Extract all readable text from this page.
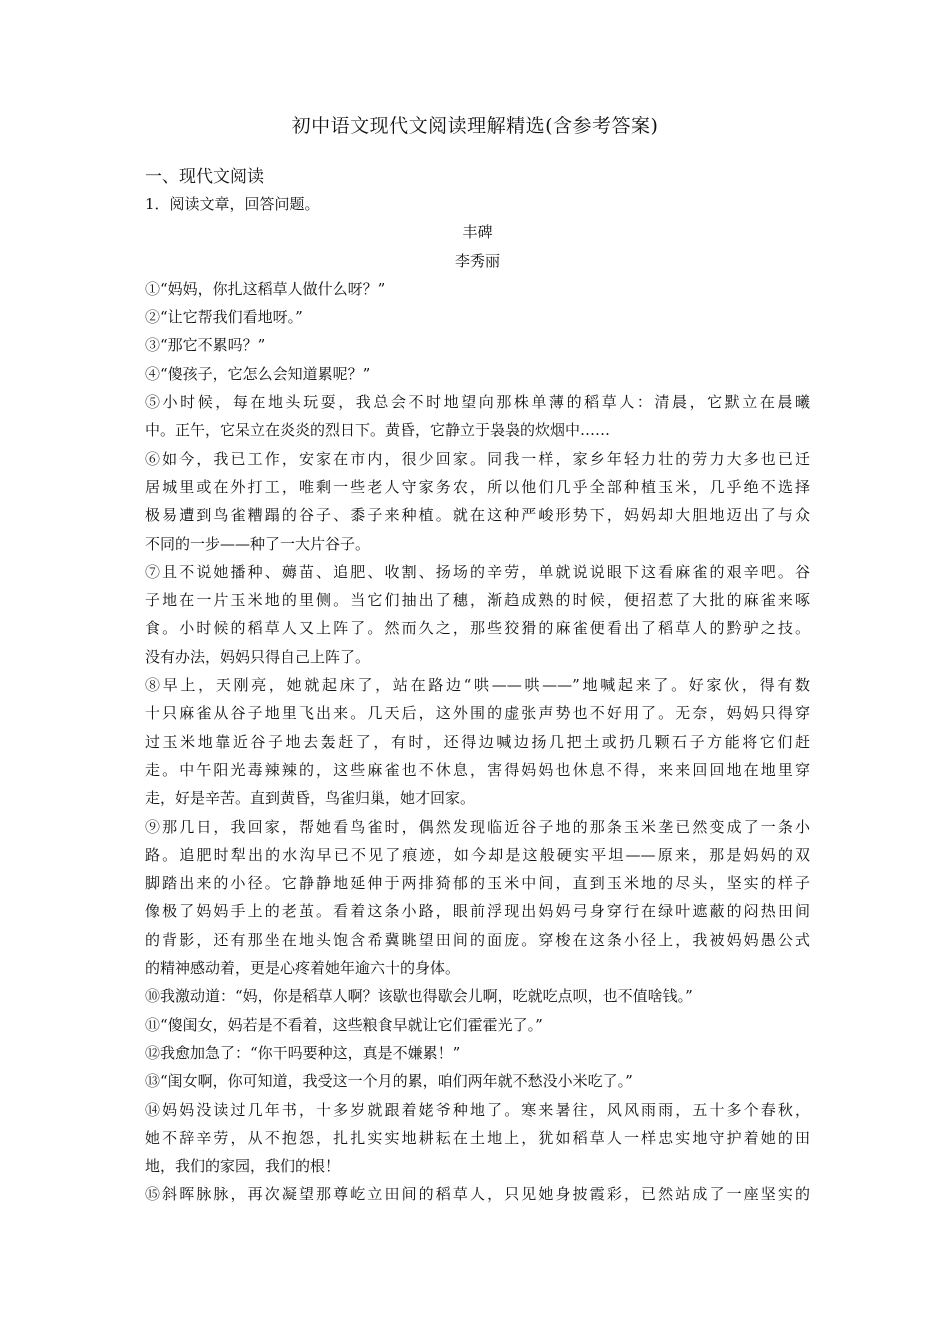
初中语文现代文阅读理解精选(含参考答案)
一、现代文阅读
1．阅读文章，回答问题。
丰碑
李秀丽
①“妈妈，你扎这稻草人做什么呀？”
②“让它帮我们看地呀。”
③“那它不累吗？”
④“傻孩子，它怎么会知道累呢？”
⑤小时候，每在地头玩耍，我总会不时地望向那株单薄的稻草人：清晨，它默立在晨曦
中。正午，它呆立在炎炎的烈日下。黄昏，它静立于袅袅的炊烟中……
⑥如今，我已工作，安家在市内，很少回家。同我一样，家乡年轻力壮的劳力大多也已迁
居城里或在外打工，唯剩一些老人守家务农，所以他们几乎全部种植玉米，几乎绝不选择
极易遭到鸟雀糟蹋的谷子、黍子来种植。就在这种严峻形势下，妈妈却大胆地迈出了与众
不同的一步——种了一大片谷子。
⑦且不说她播种、薅苗、追肥、收割、扬场的辛劳，单就说说眼下这看麻雀的艰辛吧。谷
子地在一片玉米地的里侧。当它们抽出了穗，渐趋成熟的时候，便招惹了大批的麻雀来啄
食。小时候的稻草人又上阵了。然而久之，那些狡猾的麻雀便看出了稻草人的黔驴之技。
没有办法，妈妈只得自己上阵了。
⑧早上，天刚亮，她就起床了，站在路边“哄——哄——”地喊起来了。好家伙，得有数
十只麻雀从谷子地里飞出来。几天后，这外围的虚张声势也不好用了。无奈，妈妈只得穿
过玉米地靠近谷子地去轰赶了，有时，还得边喊边扬几把土或扔几颗石子方能将它们赶
走。中午阳光毒辣辣的，这些麻雀也不休息，害得妈妈也休息不得，来来回回地在地里穿
走，好是辛苦。直到黄昏，鸟雀归巢，她才回家。
⑨那几日，我回家，帮她看鸟雀时，偶然发现临近谷子地的那条玉米垄已然变成了一条小
路。追肥时犁出的水沟早已不见了痕迹，如今却是这般硬实平坦——原来，那是妈妈的双
脚踏出来的小径。它静静地延伸于两排猗郁的玉米中间，直到玉米地的尽头，坚实的样子
像极了妈妈手上的老茧。看着这条小路，眼前浮现出妈妈弓身穿行在绿叶遮蔽的闷热田间
的背影，还有那坐在地头饱含希冀眺望田间的面庞。穿梭在这条小径上，我被妈妈愚公式
的精神感动着，更是心疼着她年逾六十的身体。
⑩我激动道：“妈，你是稻草人啊？该歇也得歇会儿啊，吃就吃点呗，也不值啥钱。”
⑪“傻闺女，妈若是不看着，这些粮食早就让它们霍霍光了。”
⑫我愈加急了：“你干吗要种这，真是不嫌累！”
⑬“闺女啊，你可知道，我受这一个月的累，咱们两年就不愁没小米吃了。”
⑭妈妈没读过几年书，十多岁就跟着姥爷种地了。寒来暑往，风风雨雨，五十多个春秋，
她不辞辛劳，从不抱怨，扎扎实实地耕耘在土地上，犹如稻草人一样忠实地守护着她的田
地，我们的家园，我们的根！
⑮斜晖脉脉，再次凝望那尊屹立田间的稻草人，只见她身披霞彩，已然站成了一座坚实的
